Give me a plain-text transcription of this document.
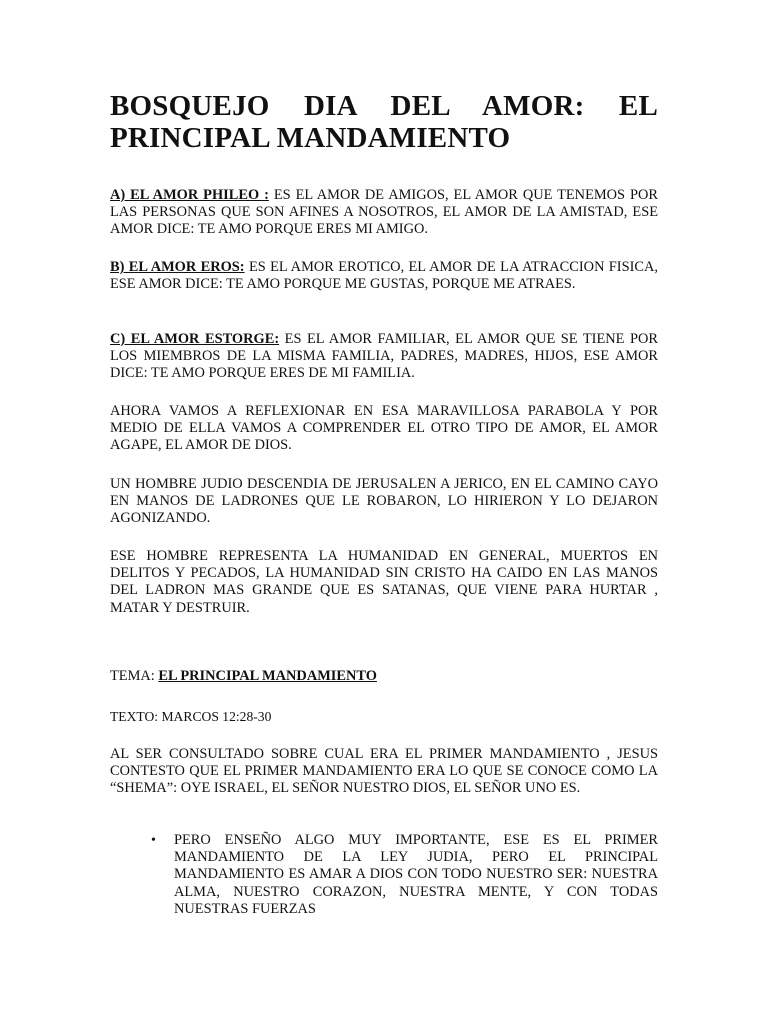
BOSQUEJO DIA DEL AMOR: EL PRINCIPAL MANDAMIENTO

A) EL AMOR PHILEO : ES EL AMOR DE AMIGOS, EL AMOR QUE TENEMOS POR LAS PERSONAS QUE SON AFINES A NOSOTROS, EL AMOR DE LA AMISTAD, ESE AMOR DICE: TE AMO PORQUE ERES MI AMIGO.

B) EL AMOR EROS: ES EL AMOR EROTICO, EL AMOR DE LA ATRACCION FISICA, ESE AMOR DICE: TE AMO PORQUE ME GUSTAS, PORQUE ME ATRAES.

C) EL AMOR ESTORGE: ES EL AMOR FAMILIAR, EL AMOR QUE SE TIENE POR LOS MIEMBROS DE LA MISMA FAMILIA, PADRES, MADRES, HIJOS, ESE AMOR DICE: TE AMO PORQUE ERES DE MI FAMILIA.

AHORA VAMOS A REFLEXIONAR EN ESA MARAVILLOSA PARABOLA Y POR MEDIO DE ELLA VAMOS A COMPRENDER EL OTRO TIPO DE AMOR, EL AMOR AGAPE, EL AMOR DE DIOS.

UN HOMBRE JUDIO DESCENDIA DE JERUSALEN A JERICO, EN EL CAMINO CAYO EN MANOS DE LADRONES QUE LE ROBARON, LO HIRIERON Y LO DEJARON AGONIZANDO.

ESE HOMBRE REPRESENTA LA HUMANIDAD EN GENERAL, MUERTOS EN DELITOS Y PECADOS, LA HUMANIDAD SIN CRISTO HA CAIDO EN LAS MANOS DEL LADRON MAS GRANDE QUE ES SATANAS, QUE VIENE PARA HURTAR , MATAR Y DESTRUIR.

TEMA: EL PRINCIPAL MANDAMIENTO

TEXTO: MARCOS 12:28-30

AL SER CONSULTADO SOBRE CUAL ERA EL PRIMER MANDAMIENTO , JESUS CONTESTO QUE EL PRIMER MANDAMIENTO ERA LO QUE SE CONOCE COMO LA “SHEMA”: OYE ISRAEL, EL SEÑOR NUESTRO DIOS, EL SEÑOR UNO ES.

• PERO ENSEÑO ALGO MUY IMPORTANTE, ESE ES EL PRIMER MANDAMIENTO DE LA LEY JUDIA, PERO EL PRINCIPAL MANDAMIENTO ES AMAR A DIOS CON TODO NUESTRO SER: NUESTRA ALMA, NUESTRO CORAZON, NUESTRA MENTE, Y CON TODAS NUESTRAS FUERZAS
